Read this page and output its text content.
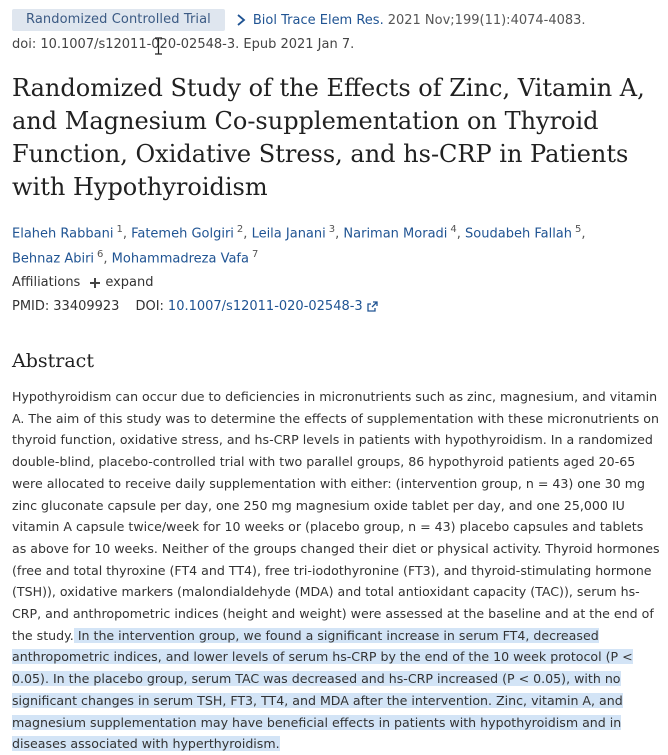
Randomized Controlled Trial	Biol Trace Elem Res. 2021 Nov;199(11):4074-4083.
doi: 10.1007/s12011-020-02548-3. Epub 2021 Jan 7.
Randomized Study of the Effects of Zinc, Vitamin A, and Magnesium Co-supplementation on Thyroid Function, Oxidative Stress, and hs-CRP in Patients with Hypothyroidism
Elaheh Rabbani $^1$, Fatemeh Golgiri $^2$, Leila Janani $^3$, Nariman Moradi $^4$, Soudabeh Fallah $^5$,
Behnaz Abiri $^6$, Mohammadreza Vafa $^7$
Affiliations expand
PMID: 33409923 DOI: 10.1007/s12011-020-02548-3
Abstract
Hypothyroidism can occur due to deficiencies in micronutrients such as zinc, magnesium, and vitamin A. The aim of this study was to determine the effects of supplementation with these micronutrients on thyroid function, oxidative stress, and hs-CRP levels in patients with hypothyroidism. In a randomized double-blind, placebo-controlled trial with two parallel groups, 86 hypothyroid patients aged 20-65 were allocated to receive daily supplementation with either: (intervention group, n = 43) one 30 mg zinc gluconate capsule per day, one 250 mg magnesium oxide tablet per day, and one 25,000 IU vitamin A capsule twice/week for 10 weeks or (placebo group, n = 43) placebo capsules and tablets as above for 10 weeks. Neither of the groups changed their diet or physical activity. Thyroid hormones (free and total thyroxine (FT4 and TT4), free tri-iodothyronine (FT3), and thyroid-stimulating hormone (TSH)), oxidative markers (malondialdehyde (MDA) and total antioxidant capacity (TAC)), serum hs-CRP, and anthropometric indices (height and weight) were assessed at the baseline and at the end of the study. In the intervention group, we found a significant increase in serum FT4, decreased anthropometric indices, and lower levels of serum hs-CRP by the end of the 10 week protocol (P < 0.05). In the placebo group, serum TAC was decreased and hs-CRP increased (P < 0.05), with no significant changes in serum TSH, FT3, TT4, and MDA after the intervention. Zinc, vitamin A, and magnesium supplementation may have beneficial effects in patients with hypothyroidism and in diseases associated with hyperthyroidism.
